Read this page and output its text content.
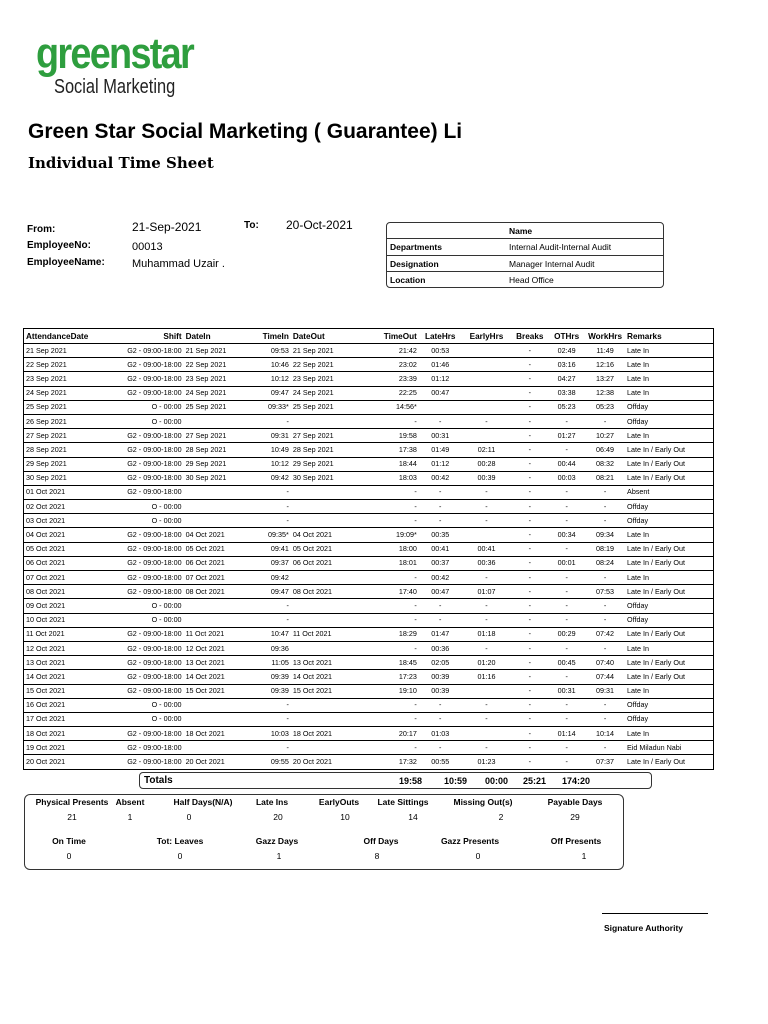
greenstar
Social Marketing
Green Star Social Marketing ( Guarantee) Li
Individual Time Sheet
From:	21-Sep-2021	To: 20-Oct-2021
EmployeeNo:	00013
EmployeeName: Muhammad Uzair .
Name
Departments	Internal Audit-Internal Audit
Designation	Manager Internal Audit
Location	Head Office
AttendanceDate	Shift	DateIn	TimeIn	DateOut	TimeOut	LateHrs	EarlyHrs	Breaks	OTHrs	WorkHrs	Remarks
21 Sep 2021	G2 - 09:00-18:00	21 Sep 2021	09:53	21 Sep 2021	21:42	00:53		-	02:49	11:49	Late In
22 Sep 2021	G2 - 09:00-18:00	22 Sep 2021	10:46	22 Sep 2021	23:02	01:46		-	03:16	12:16	Late In
23 Sep 2021	G2 - 09:00-18:00	23 Sep 2021	10:12	23 Sep 2021	23:39	01:12		-	04:27	13:27	Late In
24 Sep 2021	G2 - 09:00-18:00	24 Sep 2021	09:47	24 Sep 2021	22:25	00:47		-	03:38	12:38	Late In
25 Sep 2021	O - 00:00	25 Sep 2021	09:33*	25 Sep 2021	14:56*			-	05:23	05:23	Offday
26 Sep 2021	O - 00:00		-		-	-	-	-	-	-	Offday
27 Sep 2021	G2 - 09:00-18:00	27 Sep 2021	09:31	27 Sep 2021	19:58	00:31		-	01:27	10:27	Late In
28 Sep 2021	G2 - 09:00-18:00	28 Sep 2021	10:49	28 Sep 2021	17:38	01:49	02:11	-	-	06:49	Late In / Early Out
29 Sep 2021	G2 - 09:00-18:00	29 Sep 2021	10:12	29 Sep 2021	18:44	01:12	00:28	-	00:44	08:32	Late In / Early Out
30 Sep 2021	G2 - 09:00-18:00	30 Sep 2021	09:42	30 Sep 2021	18:03	00:42	00:39	-	00:03	08:21	Late In / Early Out
01 Oct 2021	G2 - 09:00-18:00		-		-	-	-	-	-	-	Absent
02 Oct 2021	O - 00:00		-		-	-	-	-	-	-	Offday
03 Oct 2021	O - 00:00		-		-	-	-	-	-	-	Offday
04 Oct 2021	G2 - 09:00-18:00	04 Oct 2021	09:35*	04 Oct 2021	19:09*	00:35		-	00:34	09:34	Late In
05 Oct 2021	G2 - 09:00-18:00	05 Oct 2021	09:41	05 Oct 2021	18:00	00:41	00:41	-	-	08:19	Late In / Early Out
06 Oct 2021	G2 - 09:00-18:00	06 Oct 2021	09:37	06 Oct 2021	18:01	00:37	00:36	-	00:01	08:24	Late In / Early Out
07 Oct 2021	G2 - 09:00-18:00	07 Oct 2021	09:42		-	00:42	-	-	-	-	Late In
08 Oct 2021	G2 - 09:00-18:00	08 Oct 2021	09:47	08 Oct 2021	17:40	00:47	01:07	-	-	07:53	Late In / Early Out
09 Oct 2021	O - 00:00		-		-	-	-	-	-	-	Offday
10 Oct 2021	O - 00:00		-		-	-	-	-	-	-	Offday
11 Oct 2021	G2 - 09:00-18:00	11 Oct 2021	10:47	11 Oct 2021	18:29	01:47	01:18	-	00:29	07:42	Late In / Early Out
12 Oct 2021	G2 - 09:00-18:00	12 Oct 2021	09:36		-	00:36	-	-	-	-	Late In
13 Oct 2021	G2 - 09:00-18:00	13 Oct 2021	11:05	13 Oct 2021	18:45	02:05	01:20	-	00:45	07:40	Late In / Early Out
14 Oct 2021	G2 - 09:00-18:00	14 Oct 2021	09:39	14 Oct 2021	17:23	00:39	01:16	-	-	07:44	Late In / Early Out
15 Oct 2021	G2 - 09:00-18:00	15 Oct 2021	09:39	15 Oct 2021	19:10	00:39		-	00:31	09:31	Late In
16 Oct 2021	O - 00:00		-		-	-	-	-	-	-	Offday
17 Oct 2021	O - 00:00		-		-	-	-	-	-	-	Offday
18 Oct 2021	G2 - 09:00-18:00	18 Oct 2021	10:03	18 Oct 2021	20:17	01:03		-	01:14	10:14	Late In
19 Oct 2021	G2 - 09:00-18:00		-		-	-	-	-	-	-	Eid Miladun Nabi
20 Oct 2021	G2 - 09:00-18:00	20 Oct 2021	09:55	20 Oct 2021	17:32	00:55	01:23	-	-	07:37	Late In / Early Out
Totals	19:58 10:59 00:00 25:21 174:20
Physical Presents
21
Absent
1
Half Days(N/A)
0
Late Ins
20
EarlyOuts
10
Late Sittings
14
Missing Out(s)
2
Payable Days
29
On Time
0
Tot: Leaves
0
Gazz Days
1
Off Days
8
Gazz Presents
0
Off Presents
1
Signature Authority
